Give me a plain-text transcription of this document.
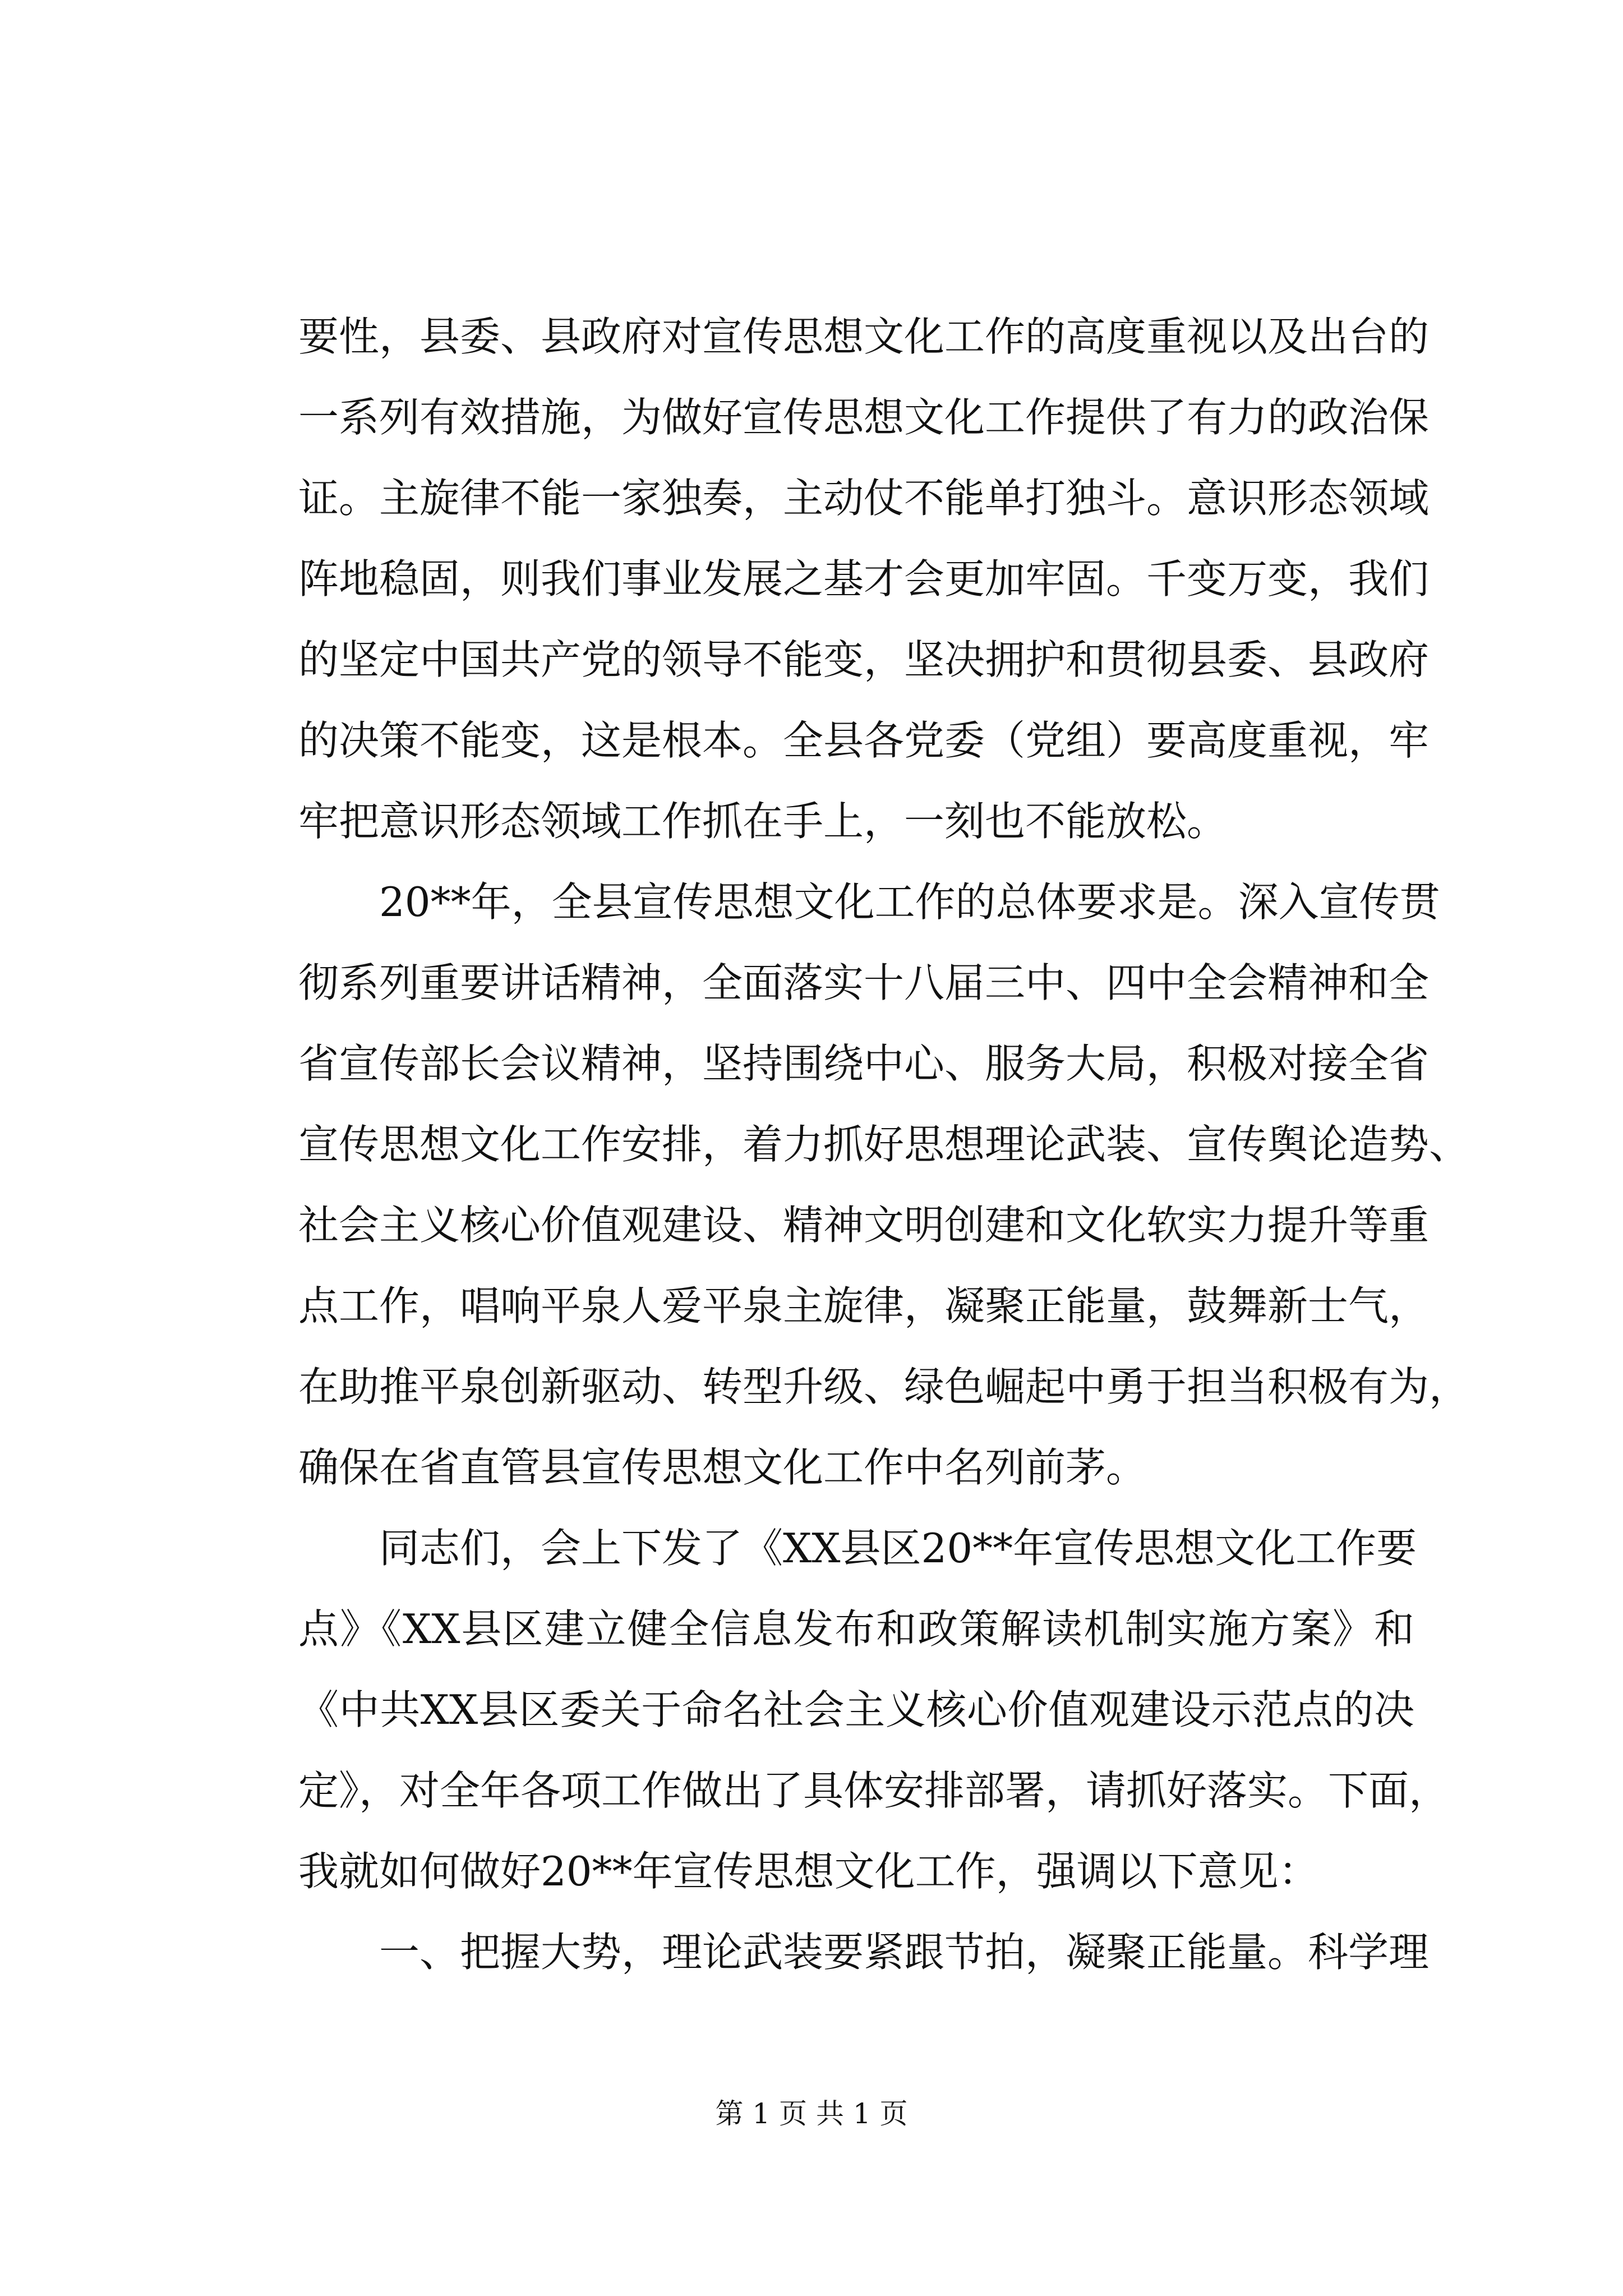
要性，县委、县政府对宣传思想文化工作的高度重视以及出台的
一系列有效措施，为做好宣传思想文化工作提供了有力的政治保
证。主旋律不能一家独奏，主动仗不能单打独斗。意识形态领域
阵地稳固，则我们事业发展之基才会更加牢固。千变万变，我们
的坚定中国共产党的领导不能变，坚决拥护和贯彻县委、县政府
的决策不能变，这是根本。全县各党委（党组）要高度重视，牢
牢把意识形态领域工作抓在手上，一刻也不能放松。
20**年，全县宣传思想文化工作的总体要求是。深入宣传贯
彻系列重要讲话精神，全面落实十八届三中、四中全会精神和全
省宣传部长会议精神，坚持围绕中心、服务大局，积极对接全省
宣传思想文化工作安排，着力抓好思想理论武装、宣传舆论造势、
社会主义核心价值观建设、精神文明创建和文化软实力提升等重
点工作，唱响平泉人爱平泉主旋律，凝聚正能量，鼓舞新士气，
在助推平泉创新驱动、转型升级、绿色崛起中勇于担当积极有为，
确保在省直管县宣传思想文化工作中名列前茅。
同志们，会上下发了《XX县区20**年宣传思想文化工作要
点》《XX县区建立健全信息发布和政策解读机制实施方案》和
《中共XX县区委关于命名社会主义核心价值观建设示范点的决
定》，对全年各项工作做出了具体安排部署，请抓好落实。下面，
我就如何做好20**年宣传思想文化工作，强调以下意见：
一、把握大势，理论武装要紧跟节拍，凝聚正能量。科学理
第 1 页 共 1 页
